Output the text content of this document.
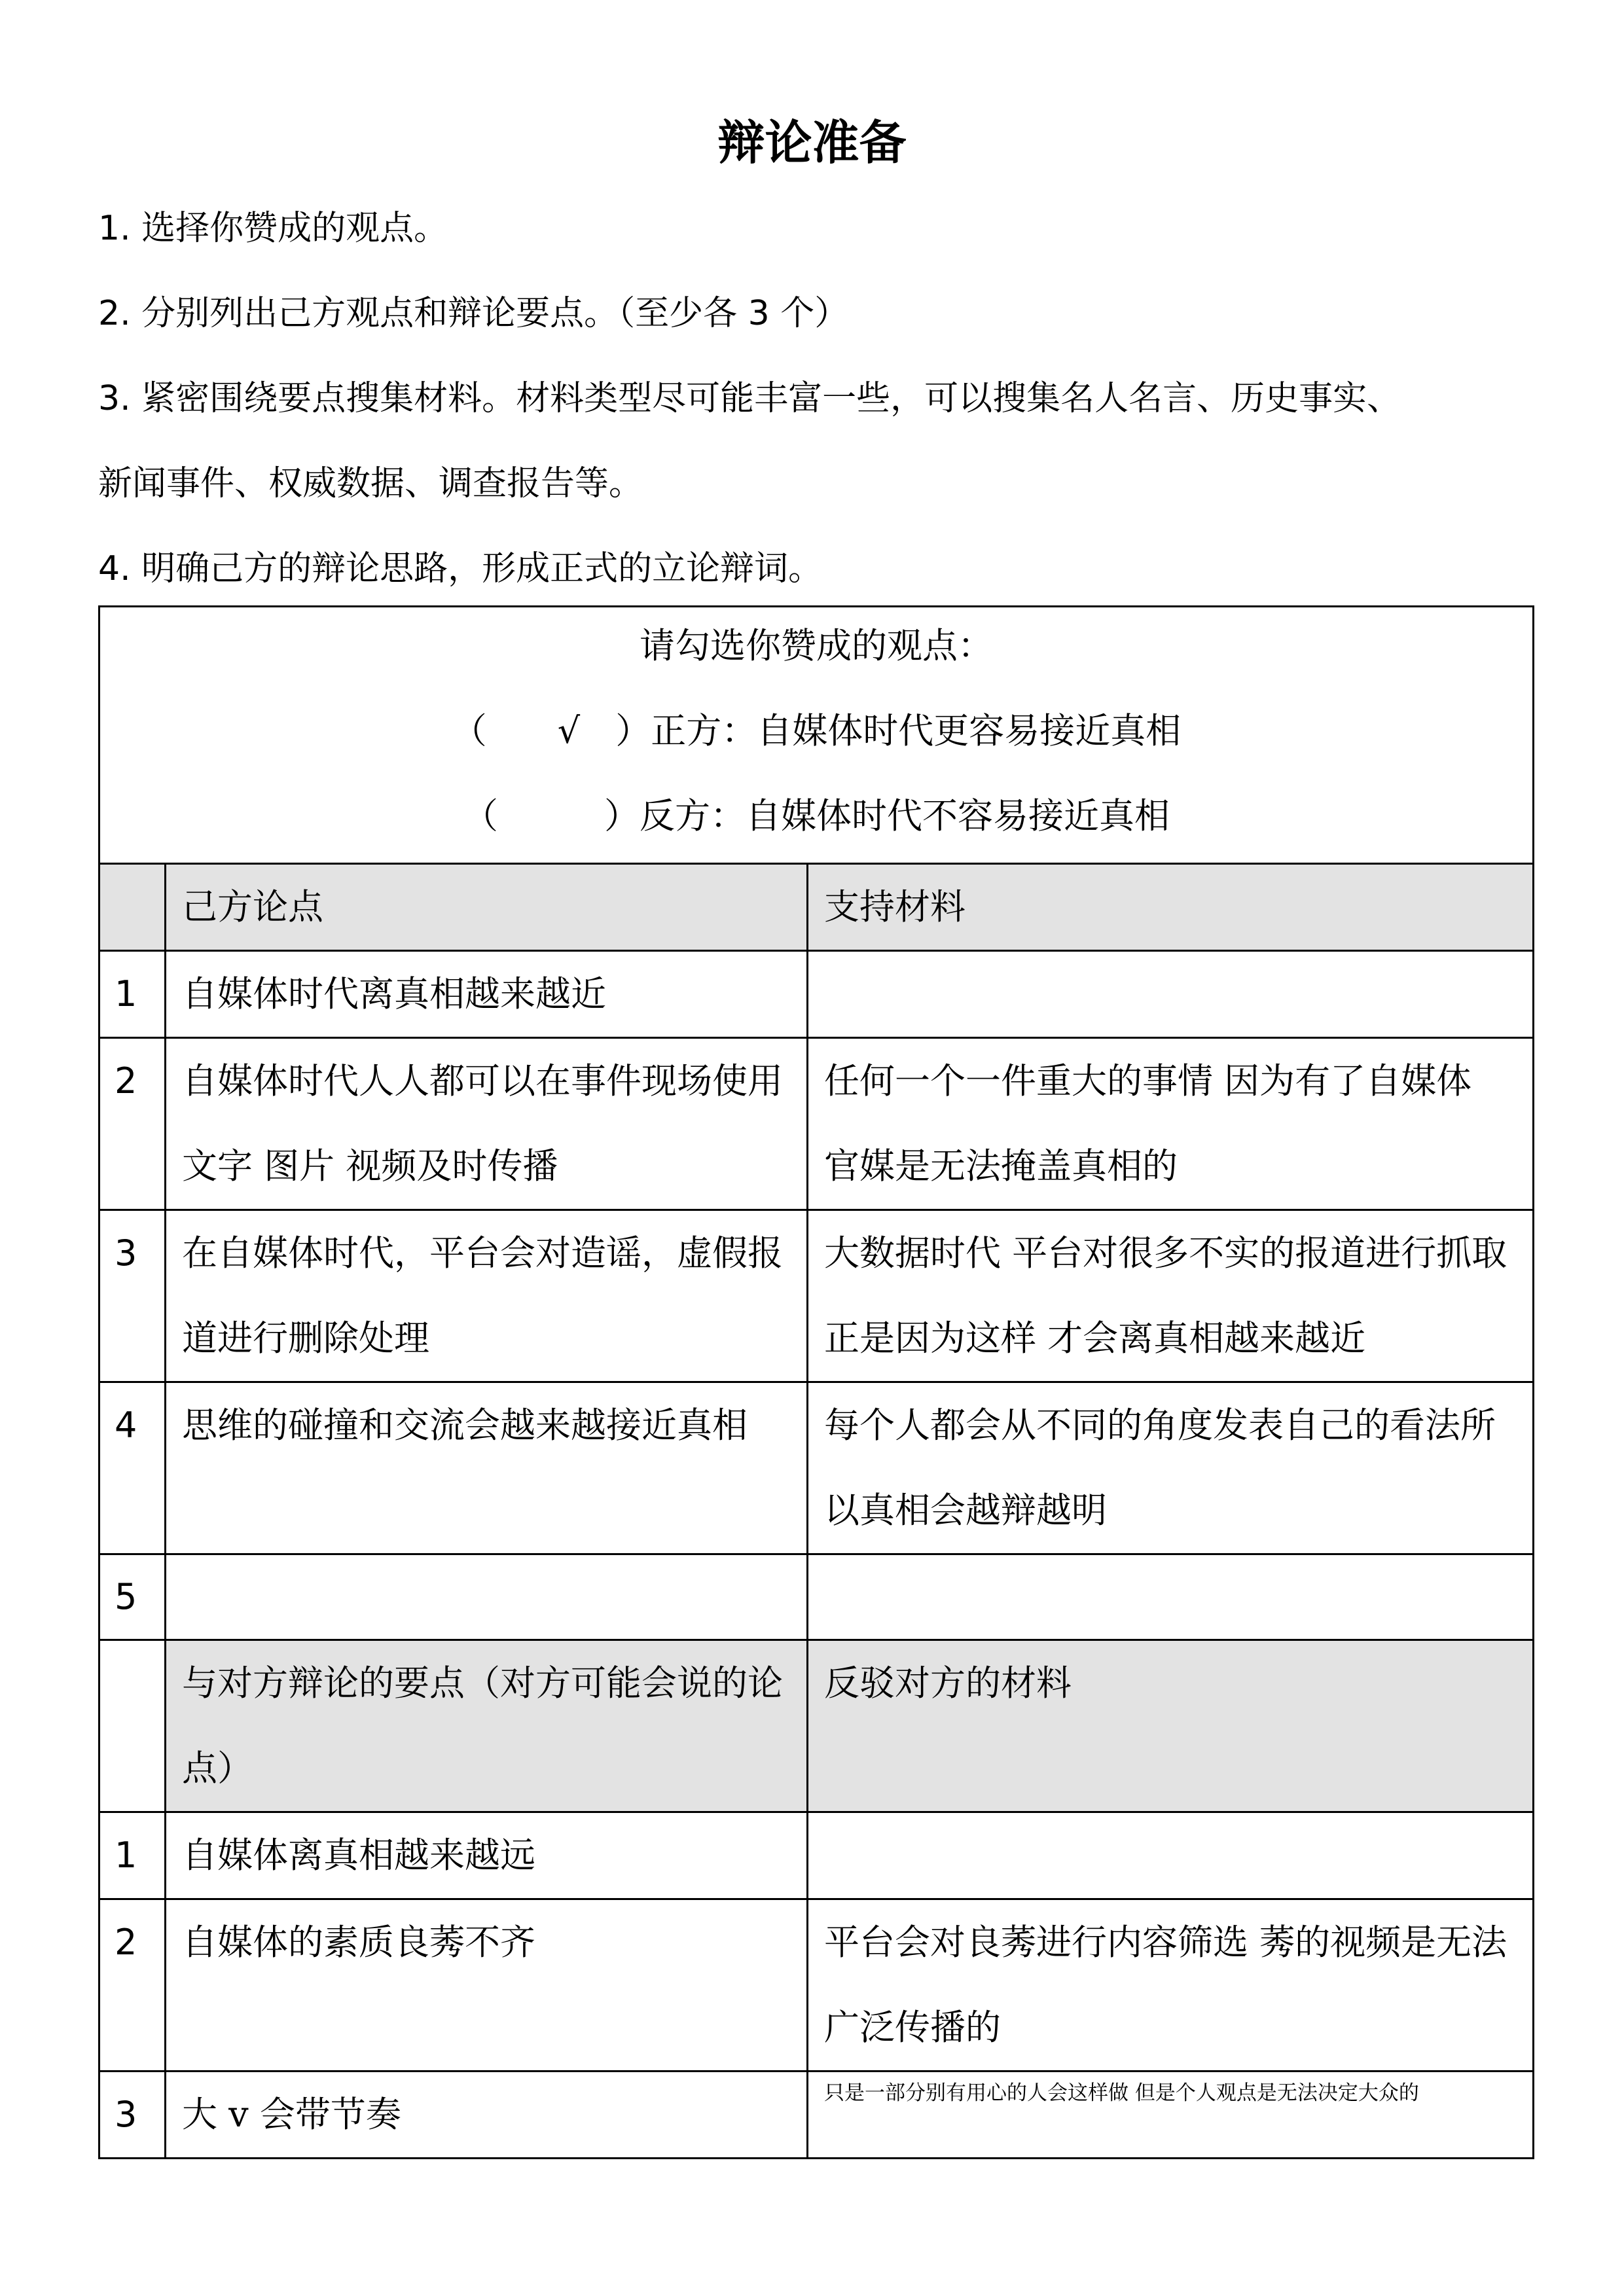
辩论准备
1. 选择你赞成的观点。
2. 分别列出己方观点和辩论要点。（至少各 3 个）
3. 紧密围绕要点搜集材料。材料类型尽可能丰富一些，可以搜集名人名言、历史事实、
新闻事件、权威数据、调查报告等。
4. 明确己方的辩论思路，形成正式的立论辩词。
请勾选你赞成的观点：
（　　√　）正方：自媒体时代更容易接近真相
（　　　）反方：自媒体时代不容易接近真相		

	己方论点	支持材料
1	自媒体时代离真相越来越近	
2	自媒体时代人人都可以在事件现场使用文字 图片 视频及时传播	任何一个一件重大的事情 因为有了自媒体 官媒是无法掩盖真相的
3	在自媒体时代，平台会对造谣，虚假报道进行删除处理	大数据时代 平台对很多不实的报道进行抓取 正是因为这样 才会离真相越来越近
4	思维的碰撞和交流会越来越接近真相	每个人都会从不同的角度发表自己的看法所以真相会越辩越明
5		
	与对方辩论的要点（对方可能会说的论点）	反驳对方的材料
1	自媒体离真相越来越远	
2	自媒体的素质良莠不齐	平台会对良莠进行内容筛选 莠的视频是无法广泛传播的
3	大 v 会带节奏	只是一部分别有用心的人会这样做 但是个人观点是无法决定大众的
